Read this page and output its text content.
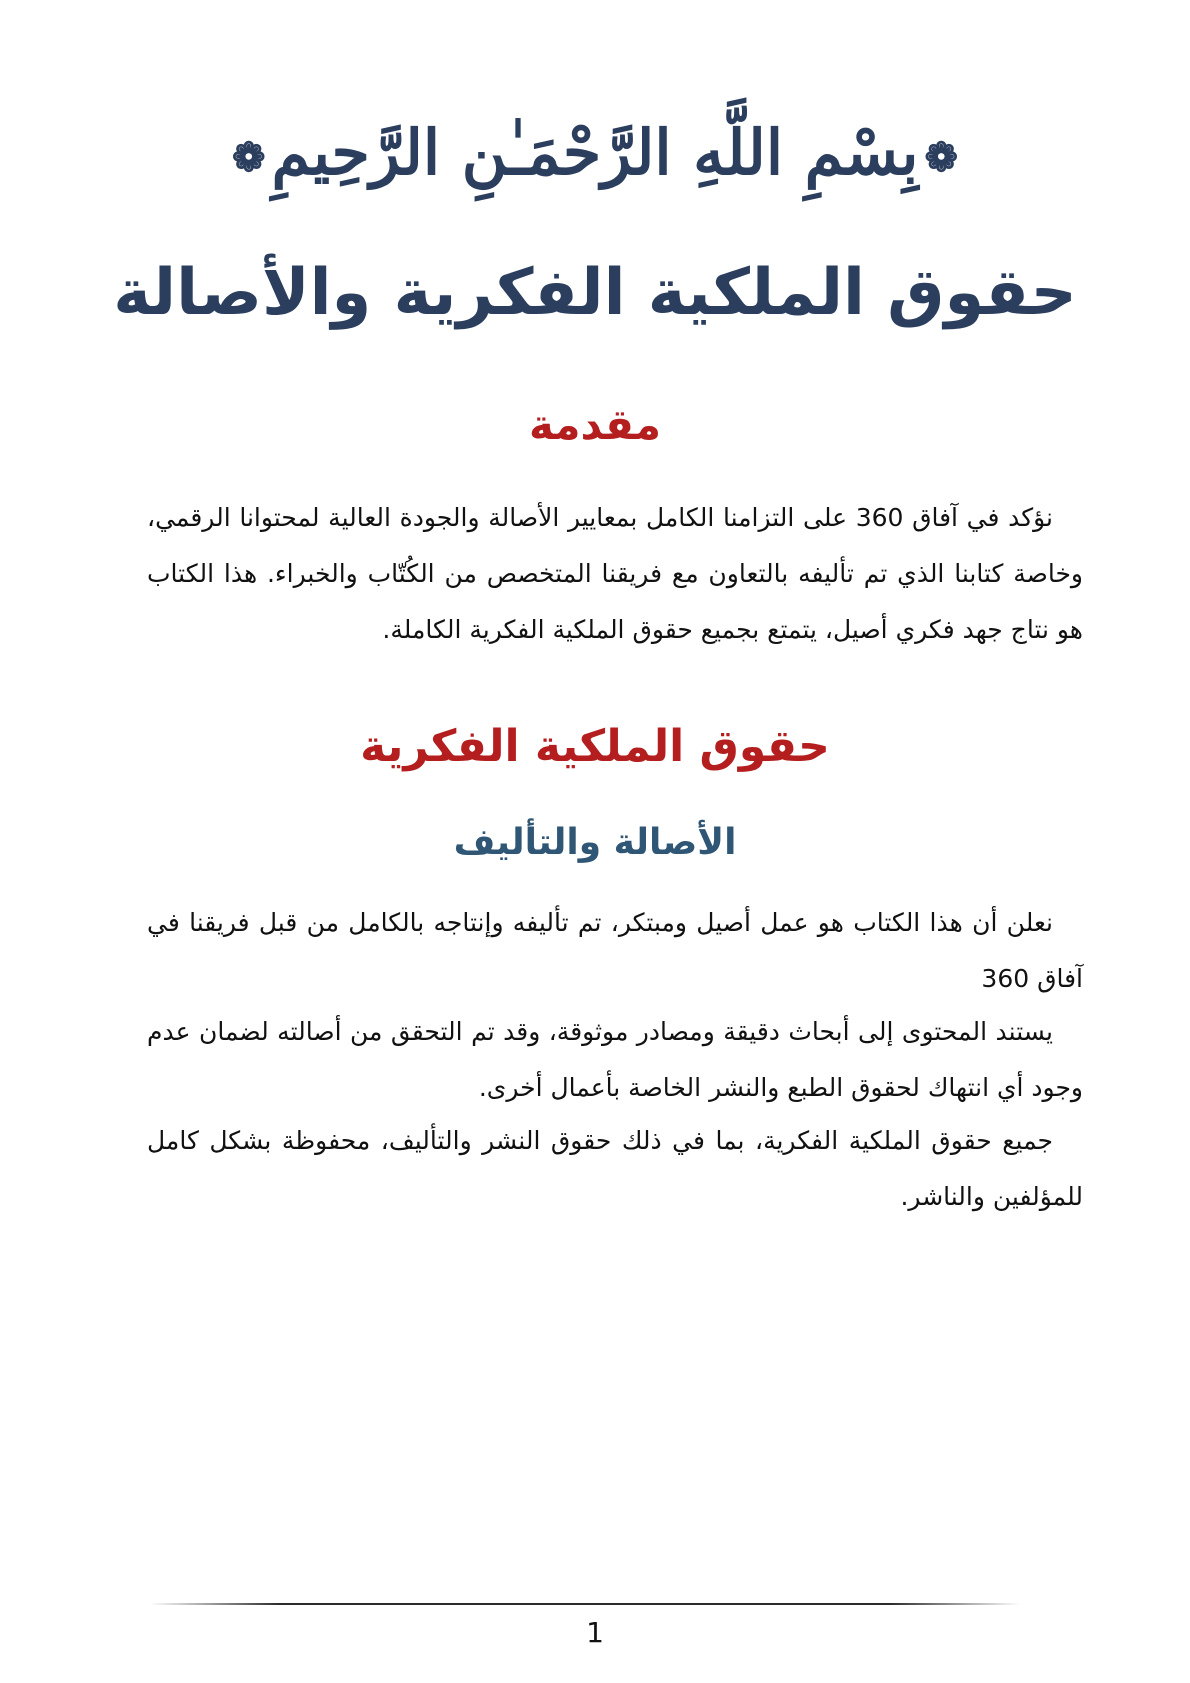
❁بِسْمِ اللَّهِ الرَّحْمَـٰنِ الرَّحِيمِ❁
حقوق الملكية الفكرية والأصالة
مقدمة

نؤكد في آفاق 360 على التزامنا الكامل بمعايير الأصالة والجودة العالية لمحتوانا الرقمي، وخاصة كتابنا الذي تم تأليفه بالتعاون مع فريقنا المتخصص من الكُتّاب والخبراء. هذا الكتاب هو نتاج جهد فكري أصيل، يتمتع بجميع حقوق الملكية الفكرية الكاملة.

حقوق الملكية الفكرية
الأصالة والتأليف

نعلن أن هذا الكتاب هو عمل أصيل ومبتكر، تم تأليفه وإنتاجه بالكامل من قبل فريقنا في آفاق 360

يستند المحتوى إلى أبحاث دقيقة ومصادر موثوقة، وقد تم التحقق من أصالته لضمان عدم وجود أي انتهاك لحقوق الطبع والنشر الخاصة بأعمال أخرى.

جميع حقوق الملكية الفكرية، بما في ذلك حقوق النشر والتأليف، محفوظة بشكل كامل للمؤلفين والناشر.

1
